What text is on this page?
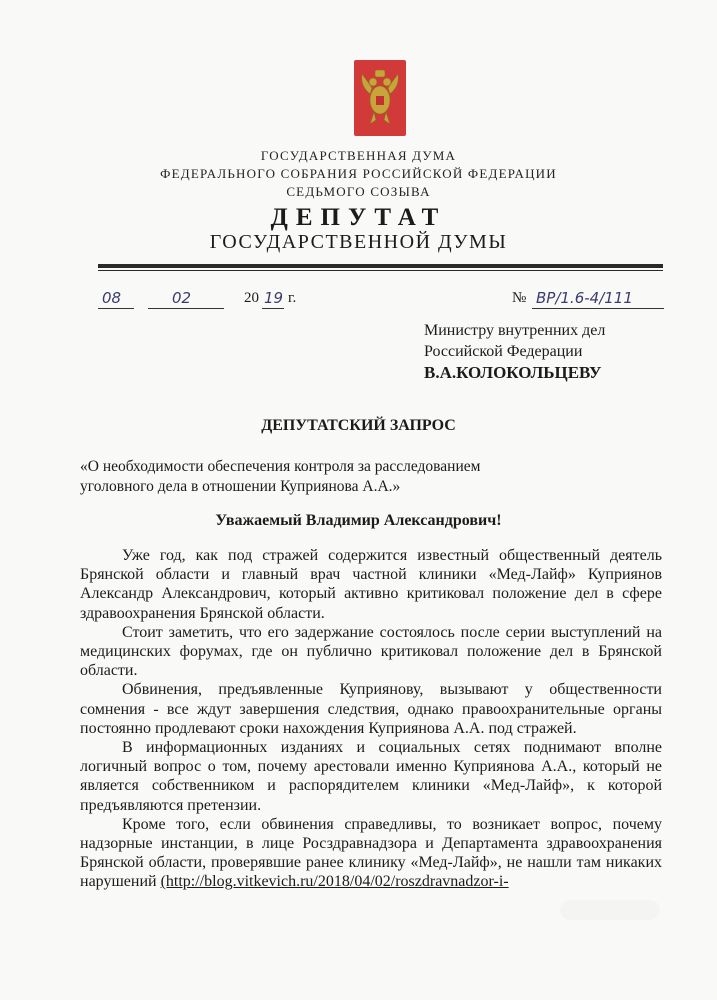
ГОСУДАРСТВЕННАЯ ДУМА
ФЕДЕРАЛЬНОГО СОБРАНИЯ РОССИЙСКОЙ ФЕДЕРАЦИИ
СЕДЬМОГО СОЗЫВА
ДЕПУТАТ
ГОСУДАРСТВЕННОЙ ДУМЫ
08	02	20 19 г.	№ ВР/1.6-4/111
Министру внутренних дел
Российской Федерации
В.А.КОЛОКОЛЬЦЕВУ
ДЕПУТАТСКИЙ ЗАПРОС
«О необходимости обеспечения контроля за расследованием
уголовного дела в отношении Куприянова А.А.»
Уважаемый Владимир Александрович!

Уже год, как под стражей содержится известный общественный деятель Брянской области и главный врач частной клиники «Мед-Лайф» Куприянов Александр Александрович, который активно критиковал положение дел в сфере здравоохранения Брянской области.

Стоит заметить, что его задержание состоялось после серии выступлений на медицинских форумах, где он публично критиковал положение дел в Брянской области.

Обвинения, предъявленные Куприянову, вызывают у общественности сомнения - все ждут завершения следствия, однако правоохранительные органы постоянно продлевают сроки нахождения Куприянова А.А. под стражей.

В информационных изданиях и социальных сетях поднимают вполне логичный вопрос о том, почему арестовали именно Куприянова А.А., который не является собственником и распорядителем клиники «Мед-Лайф», к которой предъявляются претензии.

Кроме того, если обвинения справедливы, то возникает вопрос, почему надзорные инстанции, в лице Росздравнадзора и Департамента здравоохранения Брянской области, проверявшие ранее клинику «Мед-Лайф», не нашли там никаких нарушений (http://blog.vitkevich.ru/2018/04/02/roszdravnadzor-i-
